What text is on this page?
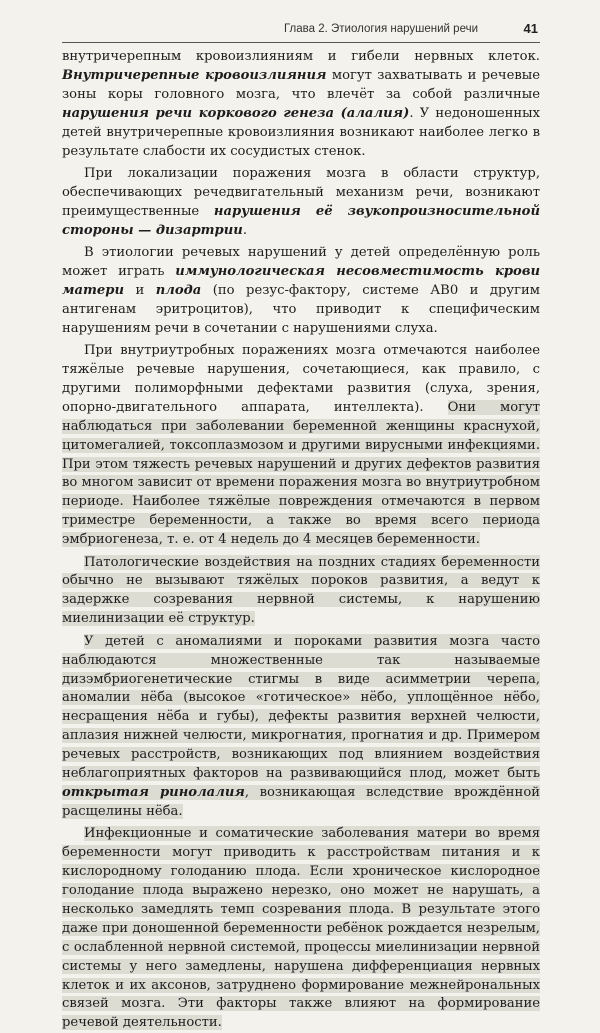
Глава 2. Этиология нарушений речи	41

внутричерепным кровоизлияниям и гибели нервных клеток. Внутричерепные кровоизлияния могут захватывать и речевые зоны коры головного мозга, что влечёт за собой различные нарушения речи коркового генеза (алалия). У недоношенных детей внутричерепные кровоизлияния возникают наиболее легко в результате слабости их сосудистых стенок.

При локализации поражения мозга в области структур, обеспечивающих речедвигательный механизм речи, возникают преимущественные нарушения её звукопроизносительной стороны — дизартрии.

В этиологии речевых нарушений у детей определённую роль может играть иммунологическая несовместимость крови матери и плода (по резус-фактору, системе АВ0 и другим антигенам эритроцитов), что приводит к специфическим нарушениям речи в сочетании с нарушениями слуха.

При внутриутробных поражениях мозга отмечаются наиболее тяжёлые речевые нарушения, сочетающиеся, как правило, с другими полиморфными дефектами развития (слуха, зрения, опорно-двигательного аппарата, интеллекта). Они могут наблюдаться при заболевании беременной женщины краснухой, цитомегалией, токсоплазмозом и другими вирусными инфекциями. При этом тяжесть речевых нарушений и других дефектов развития во многом зависит от времени поражения мозга во внутриутробном периоде. Наиболее тяжёлые повреждения отмечаются в первом триместре беременности, а также во время всего периода эмбриогенеза, т. е. от 4 недель до 4 месяцев беременности.

Патологические воздействия на поздних стадиях беременности обычно не вызывают тяжёлых пороков развития, а ведут к задержке созревания нервной системы, к нарушению миелинизации её структур.

У детей с аномалиями и пороками развития мозга часто наблюдаются множественные так называемые дизэмбриогенетические стигмы в виде асимметрии черепа, аномалии нёба (высокое «готическое» нёбо, уплощённое нёбо, несращения нёба и губы), дефекты развития верхней челюсти, аплазия нижней челюсти, микрогнатия, прогнатия и др. Примером речевых расстройств, возникающих под влиянием воздействия неблагоприятных факторов на развивающийся плод, может быть открытая ринолалия, возникающая вследствие врождённой расщелины нёба.

Инфекционные и соматические заболевания матери во время беременности могут приводить к расстройствам питания и к кислородному голоданию плода. Если хроническое кислородное голодание плода выражено нерезко, оно может не нарушать, а несколько замедлять темп созревания плода. В результате этого даже при доношенной беременности ребёнок рождается незрелым, с ослабленной нервной системой, процессы миелинизации нервной системы у него замедлены, нарушена дифференциация нервных клеток и их аксонов, затруднено формирование межнейрональных связей мозга. Эти факторы также влияют на формирование речевой деятельности.
